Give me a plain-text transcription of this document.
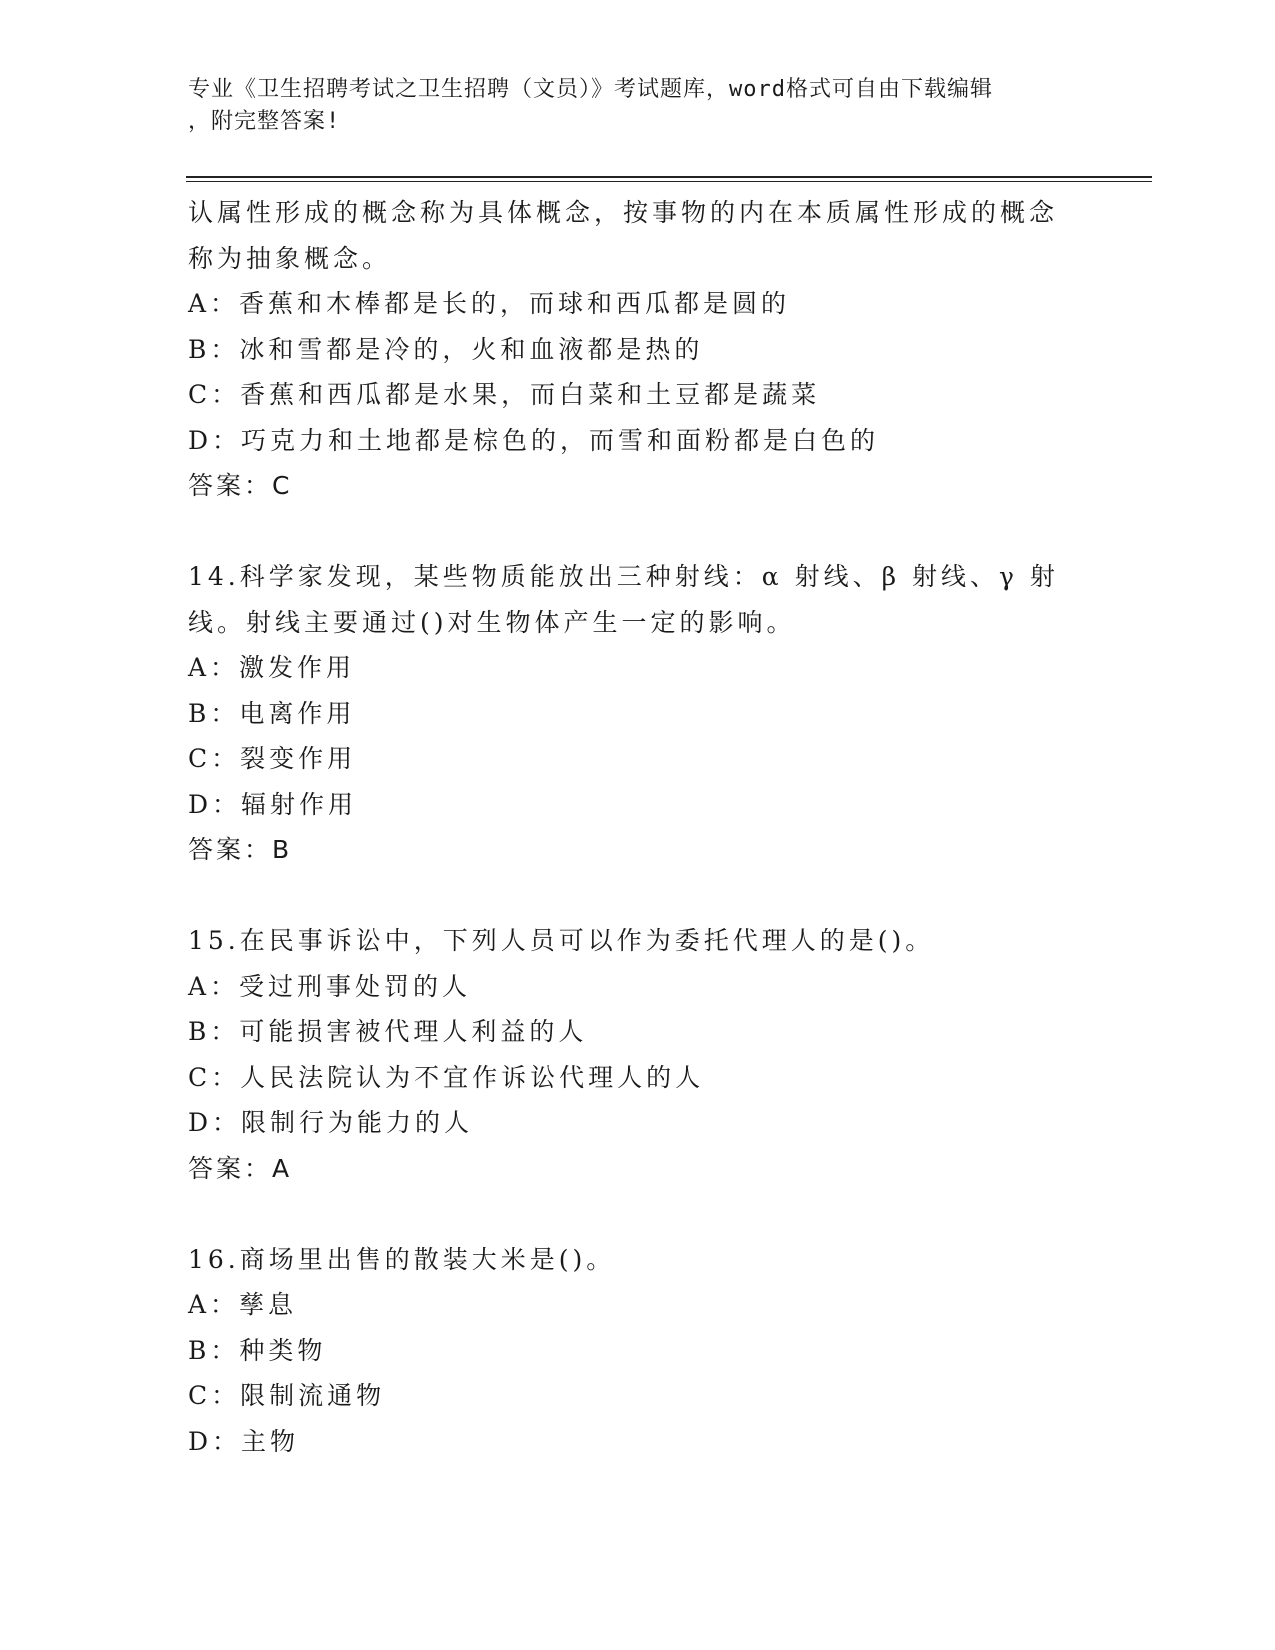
专业《卫生招聘考试之卫生招聘（文员）》考试题库，word格式可自由下载编辑
，附完整答案!
认属性形成的概念称为具体概念，按事物的内在本质属性形成的概念
称为抽象概念。
A：香蕉和木棒都是长的，而球和西瓜都是圆的
B：冰和雪都是冷的，火和血液都是热的
C：香蕉和西瓜都是水果，而白菜和土豆都是蔬菜
D：巧克力和土地都是棕色的，而雪和面粉都是白色的
答案：C
14.科学家发现，某些物质能放出三种射线：α 射线、β 射线、γ 射
线。射线主要通过()对生物体产生一定的影响。
A：激发作用
B：电离作用
C：裂变作用
D：辐射作用
答案：B
15.在民事诉讼中，下列人员可以作为委托代理人的是()。
A：受过刑事处罚的人
B：可能损害被代理人利益的人
C：人民法院认为不宜作诉讼代理人的人
D：限制行为能力的人
答案：A
16.商场里出售的散装大米是()。
A：孳息
B：种类物
C：限制流通物
D：主物
